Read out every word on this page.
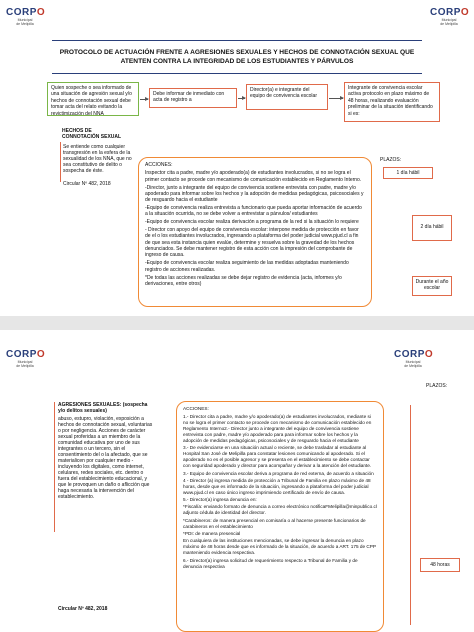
CORPO
Municipal
de Melipilla
CORPO
Municipal
de Melipilla
PROTOCOLO DE ACTUACIÓN FRENTE A AGRESIONES SEXUALES Y HECHOS DE CONNOTACIÓN SEXUAL QUE ATENTEN CONTRA LA INTEGRIDAD DE LOS ESTUDIANTES Y PÁRVULOS
Quien sospeche o sea informado de una situación de agresión sexual y/o hechos de connotación sexual debe tomar acta del relato evitando la revictimización del NNA
Debe informar de inmediato con acta de registro a
Director(a) e integrante del equipo de convivencia escolar
Integrante de convivencia escolar activa protocolo en plazo máximo de 48 horas, realizando evaluación preliminar de la situación identificando si es:
HECHOS DE CONNOTACIÓN SEXUAL
Se entiende como cualquier transgresión en la esfera de la sexualidad de los NNA, que no sea constitutivo de delito o sospecha de éste.
Circular Nº 482, 2018
ACCIONES:
Inspector cita a padre, madre y/o apoderado(a) de estudiantes involucrados, si no se logra el primer contacto se procede con mecanismo de comunicación establecido en Reglamento Interno.
-Director, junto a integrante del equipo de convivencia sostiene entrevista con padre, madre y/o apoderado para informar sobre los hechos y la adopción de medidas pedagógicas, psicosociales y de resguardo hacia el estudiante
-Equipo de convivencia realiza entrevista a funcionario que pueda aportar información de acuerdo a la situación ocurrida, no se debe volver a entrevistar a párvulos/ estudiantes
-Equipo de convivencia escolar realiza derivación a programa de la red si la situación lo requiere
- Director con apoyo del equipo de convivencia escolar: interpone medida de protección en favor de el o los estudiantes involucrados, ingresando a plataforma del poder judicial www.pjud.cl a fin de que sea esta instancia quien evalúe, determine y resuelva sobre la gravedad de los hechos denunciados. Se debe mantener registro de esta acción con la impresión del comprobante de ingreso de causa.
-Equipo de convivencia escolar realiza seguimiento de las medidas adoptadas manteniendo registro de acciones realizadas.
*De todas las acciones realizadas se debe dejar registro de evidencia (acta, informes y/o derivaciones, entre otros)
PLAZOS:
1 día hábil
2 día hábil
Durante el año escolar
CORPO
Municipal
de Melipilla
CORPO
Municipal
de Melipilla
AGRESIONES SEXUALES: (sospecha y/o delitos sexuales)
abuso, estupro, violación, exposición a hechos de connotación sexual, voluntarias o por negligencia. Acciones de carácter sexual proferidas a un miembro de la comunidad educativa por uno de sus integrantes o un tercero, sin el consentimiento del o la afectado, que se materialicen por cualquier medio -incluyendo los digitales, como internet, celulares, redes sociales, etc. dentro o fuera del establecimiento educacional, y que le provoquen un daño o aflicción que haga necesaria la intervención del establecimiento.
Circular Nº 482, 2018
ACCIONES:
1.- Director cita a padre, madre y/o apoderado(a) de estudiantes involucrados, mediante si no se logra el primer contacto se procede con mecanismo de comunicación establecido en Reglamento Interno2.- Director junto a integrante del equipo de convivencia sostiene entrevista con padre, madre y/o apoderado para para informar sobre los hechos y la adopción de medidas pedagógicas, psicosociales y de resguardo hacia el estudiante
3.- De evidenciarse en una situación actual o reciente, se debe trasladar al estudiante al Hospital San José de Melipilla para constatar lesiones comunicando al apoderado. Si el apoderado no es el posible agresor y se presenta en el establecimiento se debe contactar con seguridad apoderado y director para acompañar y derivar a la atención del estudiante.
3.- Equipo de convivencia escolar deriva a programa de red externa, de acuerdo a situación
4 - Director (a) ingresa medida de protección a Tribunal de Familia en plazo máximo de 48 horas, desde que es informado de la situación, ingresando a plataforma del poder judicial www.pjud.cl en caso único ingreso imprimiendo certificado de envío de causa.
5.- Director(a) ingresa denuncia en:
*Fiscalía: enviando formato de denuncia a correo electrónico notificaFMelipilla@minpublico.cl adjunto cédula de identidad del director.
*Carabineros: de manera presencial en comisaría o al hacerse presente funcionarios de carabineros en el establecimiento
*PDI: de manera presencial
En cualquiera de las instituciones mencionadas, se debe ingresar la denuncia en plazo máximo de 48 horas desde que es informado de la situación, de acuerdo a ART. 175 de CPP manteniendo evidencia respectiva.
6.- Director(a) ingresa solicitud de requerimiento respecto a Tribunal de Familia y de denuncia respectiva
PLAZOS:
48 horas
